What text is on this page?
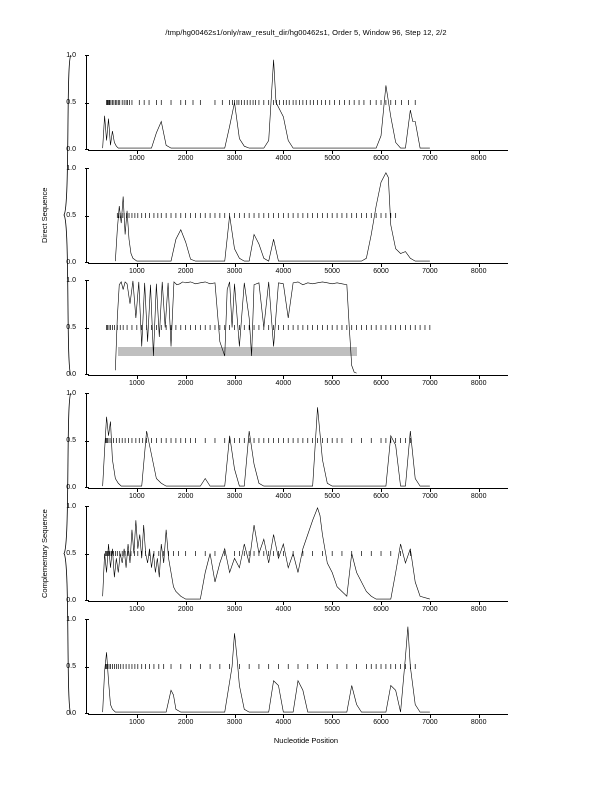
/tmp/hg00462s1/only/raw_result_dir/hg00462s1, Order 5, Window 96, Step 12, 2/2
0.0
0.5
1.0
1000	2000	3000	4000	5000	6000	7000	8000
0.0
0.5
1.0
1000	2000	3000	4000	5000	6000	7000	8000
0.0
0.5
1.0
1000	2000	3000	4000	5000	6000	7000	8000
0.0
0.5
1.0
1000	2000	3000	4000	5000	6000	7000	8000
0.0
0.5
1.0
1000	2000	3000	4000	5000	6000	7000	8000
0.0
0.5
1.0
1000	2000	3000	4000	5000	6000	7000	8000
Direct Sequence
Complementary Sequence
Nucleotide Position
